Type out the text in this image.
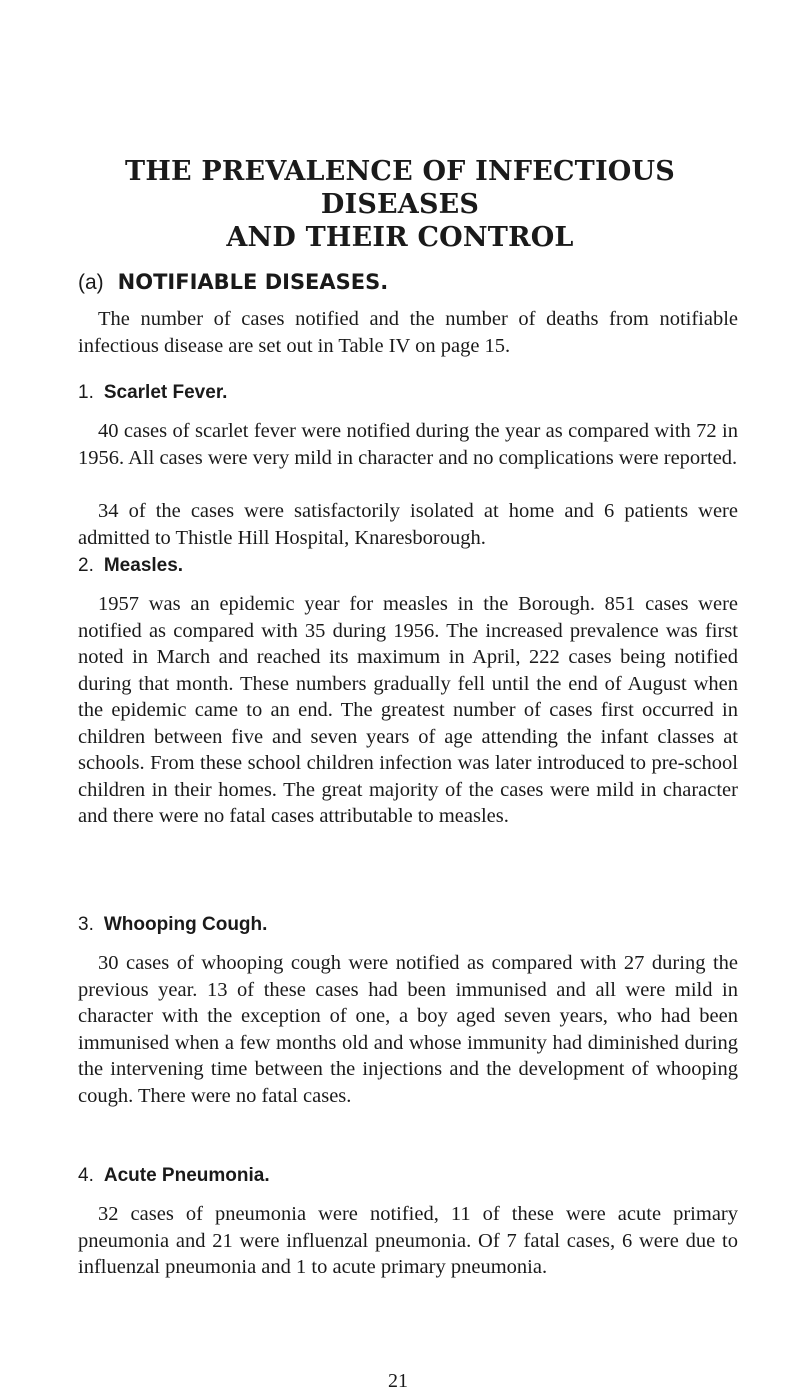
THE PREVALENCE OF INFECTIOUS DISEASES
AND THEIR CONTROL
(a) NOTIFIABLE DISEASES.

The number of cases notified and the number of deaths from notifiable infectious disease are set out in Table IV on page 15.

1. Scarlet Fever.

40 cases of scarlet fever were notified during the year as compared with 72 in 1956. All cases were very mild in character and no complications were reported.

34 of the cases were satisfactorily isolated at home and 6 patients were admitted to Thistle Hill Hospital, Knaresborough.

2. Measles.

1957 was an epidemic year for measles in the Borough. 851 cases were notified as compared with 35 during 1956. The increased prevalence was first noted in March and reached its maximum in April, 222 cases being notified during that month. These numbers gradually fell until the end of August when the epidemic came to an end. The greatest number of cases first occurred in children between five and seven years of age attending the infant classes at schools. From these school children infection was later introduced to pre-school children in their homes. The great majority of the cases were mild in character and there were no fatal cases attributable to measles.

3. Whooping Cough.

30 cases of whooping cough were notified as compared with 27 during the previous year. 13 of these cases had been immunised and all were mild in character with the exception of one, a boy aged seven years, who had been immunised when a few months old and whose immunity had diminished during the intervening time between the injections and the development of whooping cough. There were no fatal cases.

4. Acute Pneumonia.

32 cases of pneumonia were notified, 11 of these were acute primary pneumonia and 21 were influenzal pneumonia. Of 7 fatal cases, 6 were due to influenzal pneumonia and 1 to acute primary pneumonia.

21
